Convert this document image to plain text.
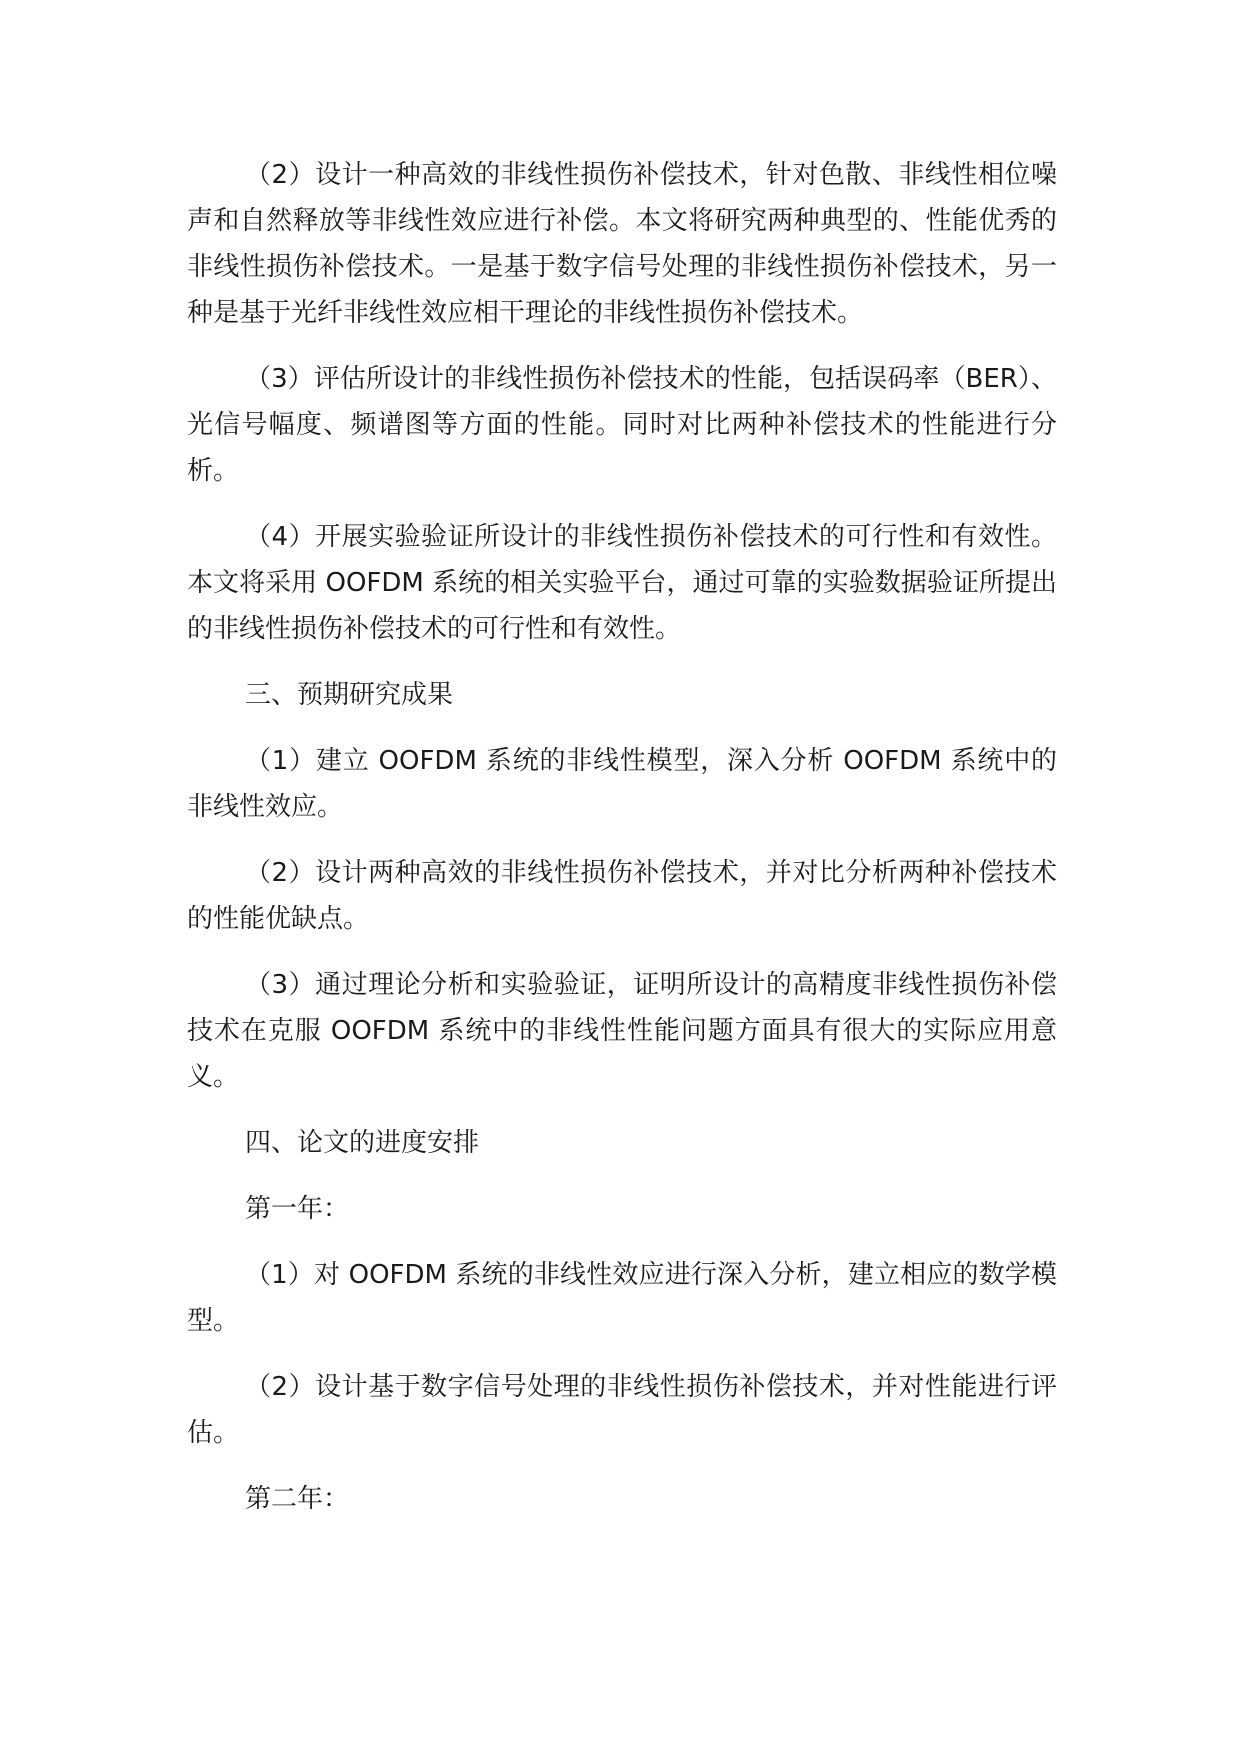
（2）设计一种高效的非线性损伤补偿技术，针对色散、非线性相位噪声和自然释放等非线性效应进行补偿。本文将研究两种典型的、性能优秀的非线性损伤补偿技术。一是基于数字信号处理的非线性损伤补偿技术，另一种是基于光纤非线性效应相干理论的非线性损伤补偿技术。

（3）评估所设计的非线性损伤补偿技术的性能，包括误码率（BER）、光信号幅度、频谱图等方面的性能。同时对比两种补偿技术的性能进行分析。

（4）开展实验验证所设计的非线性损伤补偿技术的可行性和有效性。本文将采用 OOFDM 系统的相关实验平台，通过可靠的实验数据验证所提出的非线性损伤补偿技术的可行性和有效性。

三、预期研究成果

（1）建立 OOFDM 系统的非线性模型，深入分析 OOFDM 系统中的非线性效应。

（2）设计两种高效的非线性损伤补偿技术，并对比分析两种补偿技术的性能优缺点。

（3）通过理论分析和实验验证，证明所设计的高精度非线性损伤补偿技术在克服 OOFDM 系统中的非线性性能问题方面具有很大的实际应用意义。

四、论文的进度安排

第一年：

（1）对 OOFDM 系统的非线性效应进行深入分析，建立相应的数学模型。

（2）设计基于数字信号处理的非线性损伤补偿技术，并对性能进行评估。

第二年：
